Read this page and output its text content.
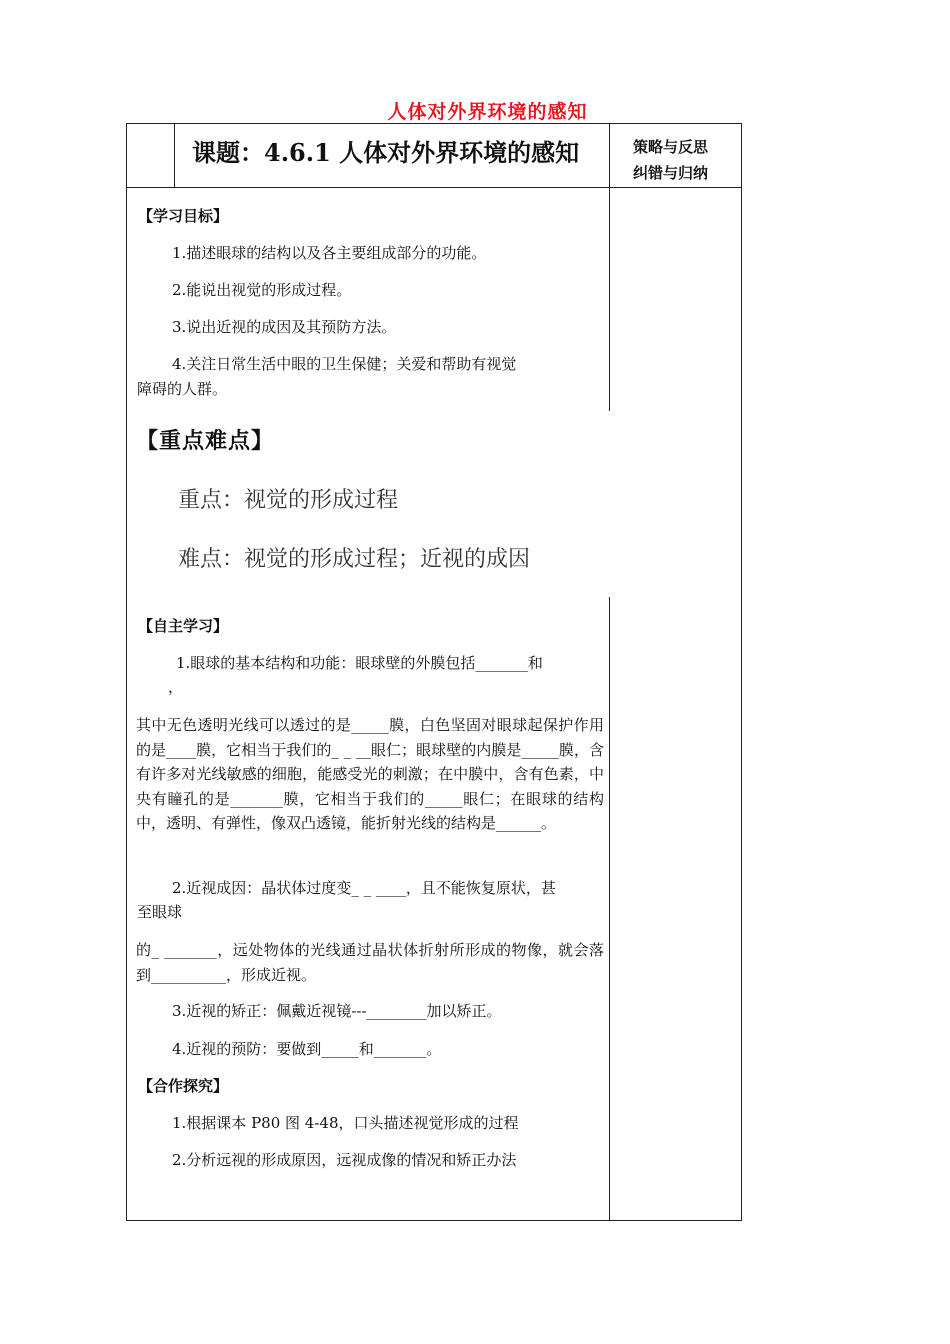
人体对外界环境的感知
课题：4.6.1 人体对外界环境的感知	策略与反思
纠错与归纳
【学习目标】
1.描述眼球的结构以及各主要组成部分的功能。
2.能说出视觉的形成过程。
3.说出近视的成因及其预防方法。
4.关注日常生活中眼的卫生保健；关爱和帮助有视觉
障碍的人群。
【重点难点】
重点：视觉的形成过程
难点：视觉的形成过程；近视的成因
【自主学习】
1.眼球的基本结构和功能：眼球壁的外膜包括_______和
，
其中无色透明光线可以透过的是_____膜，白色坚固对眼球起保护作用的是____膜，它相当于我们的_ _ __眼仁；眼球壁的内膜是_____膜，含有许多对光线敏感的细胞，能感受光的刺激；在中膜中，含有色素，中央有瞳孔的是_______膜，它相当于我们的_____眼仁；在眼球的结构中，透明、有弹性，像双凸透镜，能折射光线的结构是______。
2.近视成因：晶状体过度变_ _ ____，且不能恢复原状，甚
至眼球
的_ _______，远处物体的光线通过晶状体折射所形成的物像，就会落到__________，形成近视。
3.近视的矫正：佩戴近视镜---________加以矫正。
4.近视的预防：要做到_____和_______。
【合作探究】
1.根据课本 P80 图 4-48，口头描述视觉形成的过程
2.分析远视的形成原因，远视成像的情况和矫正办法
